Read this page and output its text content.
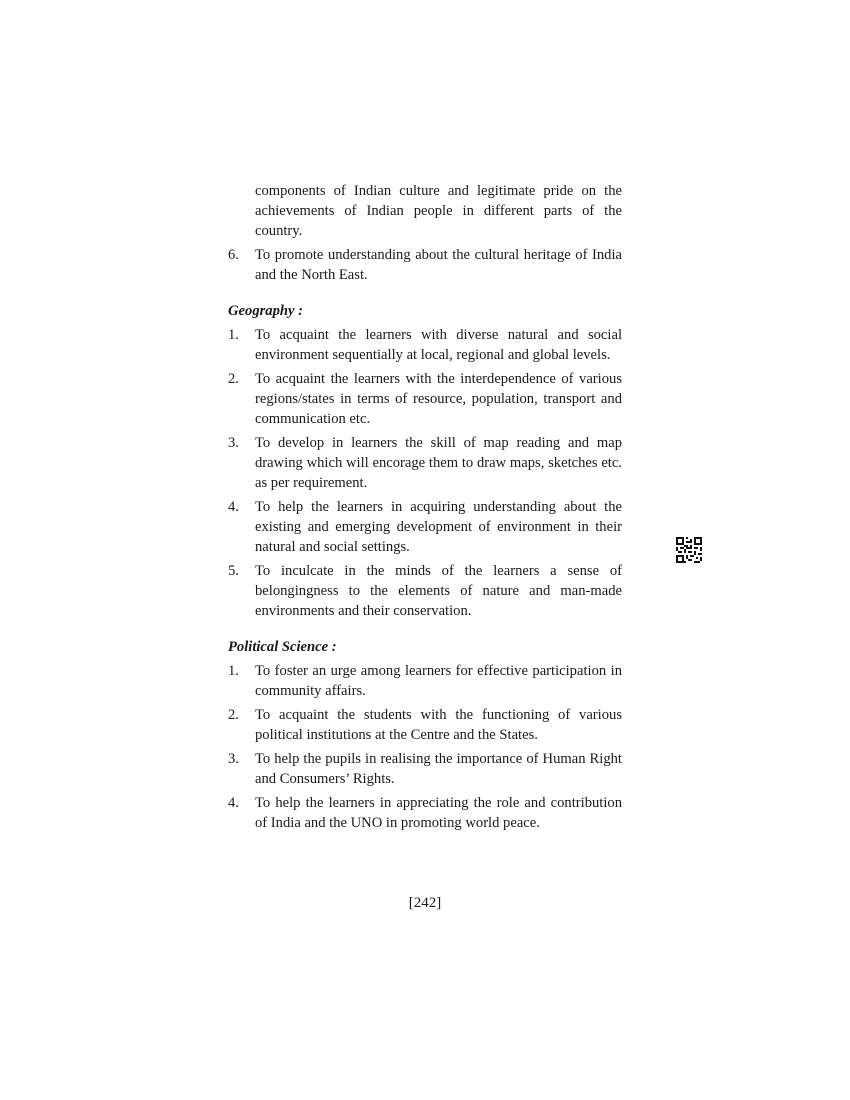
components of Indian culture and legitimate pride on the achievements of Indian people in different parts of the country.
6.	To promote understanding about the cultural heritage of India and the North East.
Geography :
1.	To acquaint the learners with diverse natural and social environment sequentially at local, regional and global levels.
2.	To acquaint the learners with the interdependence of various regions/states in terms of resource, population, transport and communication etc.
3.	To develop in learners the skill of map reading and map drawing which will encorage them to draw maps, sketches etc. as per requirement.
4.	To help the learners in acquiring understanding about the existing and emerging development of environment in their natural and social settings.
5.	To inculcate in the minds of the learners a sense of belongingness to the elements of nature and man-made environments and their conservation.
Political Science :
1.	To foster an urge among learners for effective participation in community affairs.
2.	To acquaint the students with the functioning of various political institutions at the Centre and the States.
3.	To help the pupils in realising the importance of Human Right and Consumers’ Rights.
4.	To help the learners in appreciating the role and contribution of India and the UNO in promoting world peace.
[242]
